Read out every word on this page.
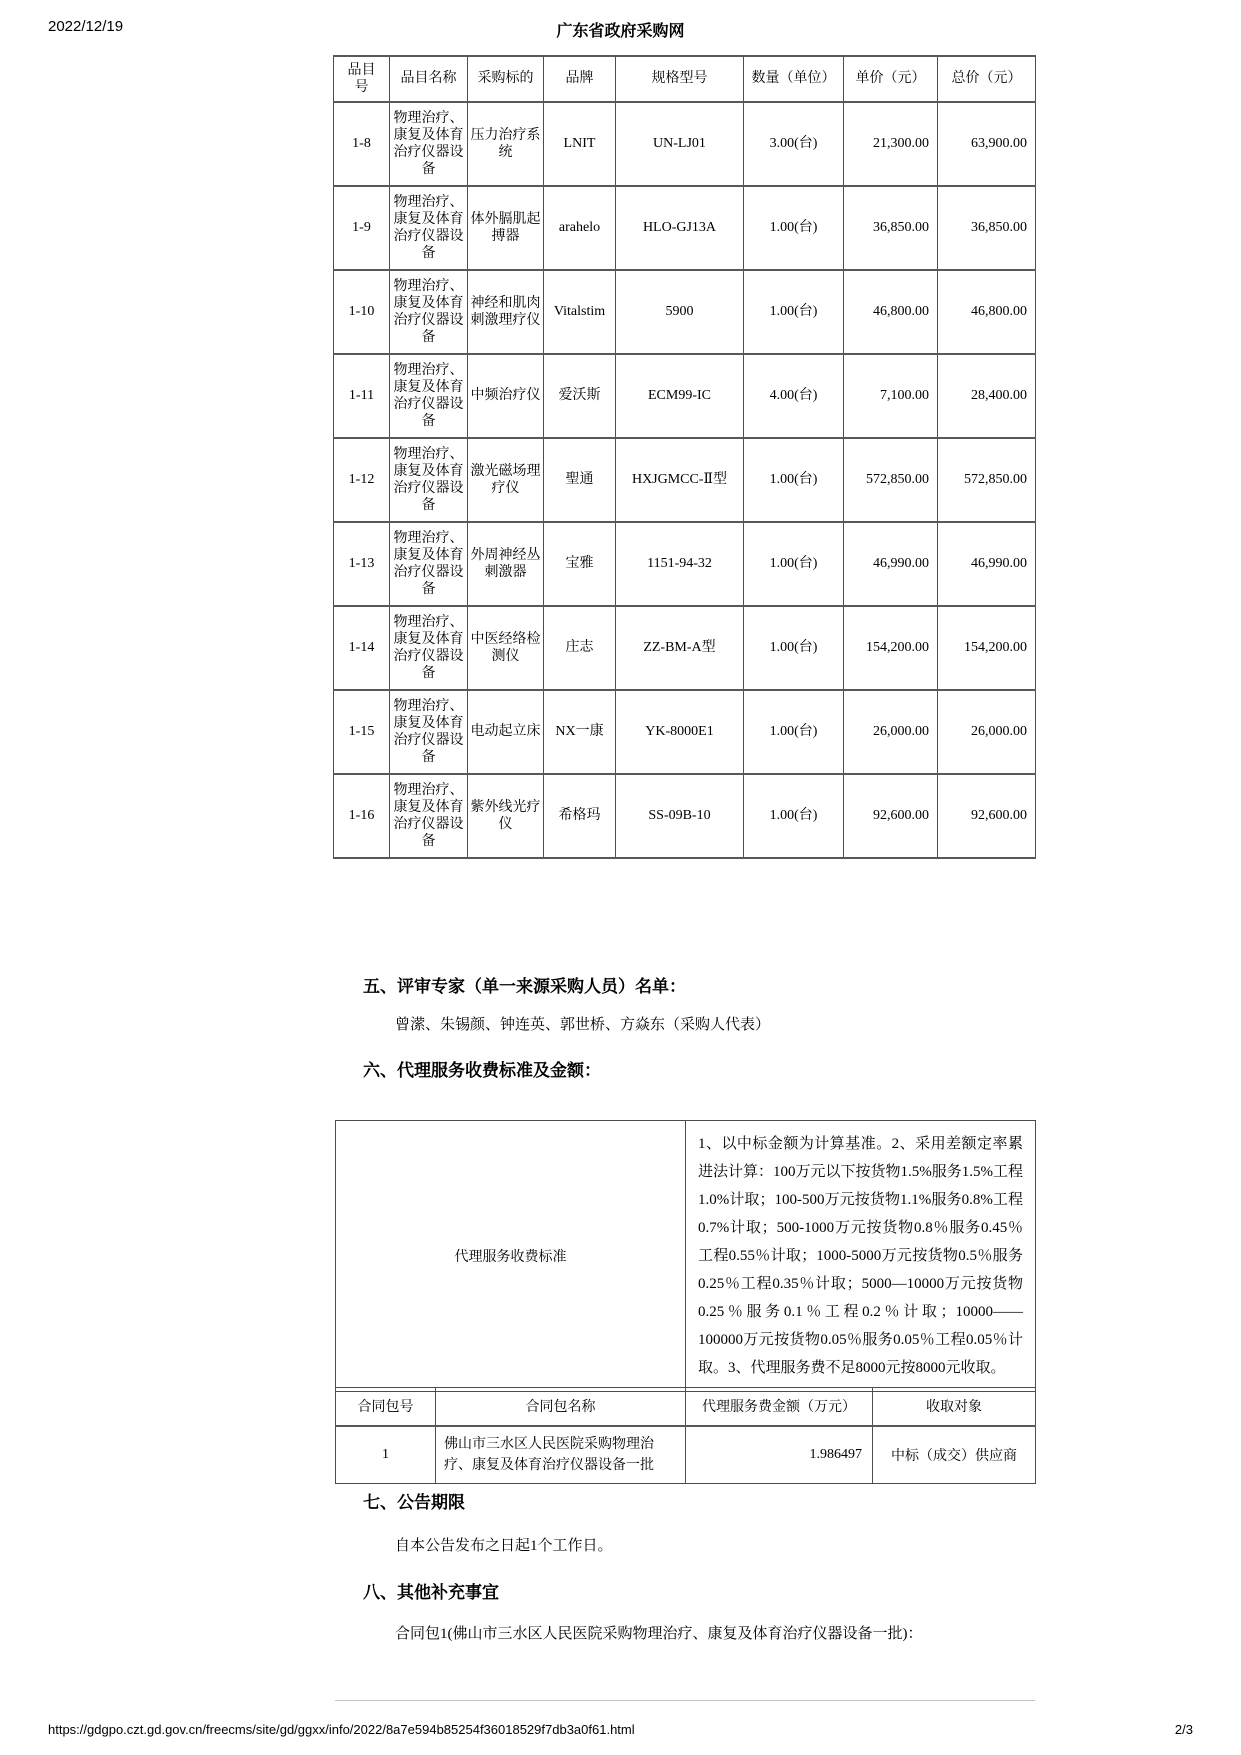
2022/12/19	广东省政府采购网
品目号	品目名称	采购标的	品牌	规格型号	数量（单位）	单价（元）	总价（元）
1-8	物理治疗、康复及体育治疗仪器设备	压力治疗系统	LNIT	UN-LJ01	3.00(台)	21,300.00	63,900.00
1-9	物理治疗、康复及体育治疗仪器设备	体外膈肌起搏器	arahelo	HLO-GJ13A	1.00(台)	36,850.00	36,850.00
1-10	物理治疗、康复及体育治疗仪器设备	神经和肌肉刺激理疗仪	Vitalstim	5900	1.00(台)	46,800.00	46,800.00
1-11	物理治疗、康复及体育治疗仪器设备	中频治疗仪	爱沃斯	ECM99-IC	4.00(台)	7,100.00	28,400.00
1-12	物理治疗、康复及体育治疗仪器设备	激光磁场理疗仪	聖通	HXJGMCC-Ⅱ型	1.00(台)	572,850.00	572,850.00
1-13	物理治疗、康复及体育治疗仪器设备	外周神经丛刺激器	宝雅	1151-94-32	1.00(台)	46,990.00	46,990.00
1-14	物理治疗、康复及体育治疗仪器设备	中医经络检测仪	庄志	ZZ-BM-A型	1.00(台)	154,200.00	154,200.00
1-15	物理治疗、康复及体育治疗仪器设备	电动起立床	NX一康	YK-8000E1	1.00(台)	26,000.00	26,000.00
1-16	物理治疗、康复及体育治疗仪器设备	紫外线光疗仪	希格玛	SS-09B-10	1.00(台)	92,600.00	92,600.00
五、评审专家（单一来源采购人员）名单：
曾潆、朱锡颜、钟连英、郭世桥、方焱东（采购人代表）
六、代理服务收费标准及金额：
代理服务收费标准	1、以中标金额为计算基准。2、采用差额定率累进法计算：100万元以下按货物1.5%服务1.5%工程1.0%计取；100-500万元按货物1.1%服务0.8%工程0.7%计取；500-1000万元按货物0.8％服务0.45％工程0.55％计取；1000-5000万元按货物0.5％服务0.25％工程0.35％计取；5000—10000万元按货物0.25％服务0.1％工程0.2％计取；10000——100000万元按货物0.05％服务0.05％工程0.05％计取。3、代理服务费不足8000元按8000元收取。
合同包号	合同包名称	代理服务费金额（万元）	收取对象
1	佛山市三水区人民医院采购物理治疗、康复及体育治疗仪器设备一批	1.986497	中标（成交）供应商
七、公告期限
自本公告发布之日起1个工作日。
八、其他补充事宜
合同包1(佛山市三水区人民医院采购物理治疗、康复及体育治疗仪器设备一批)：
https://gdgpo.czt.gd.gov.cn/freecms/site/gd/ggxx/info/2022/8a7e594b85254f36018529f7db3a0f61.html	2/3
